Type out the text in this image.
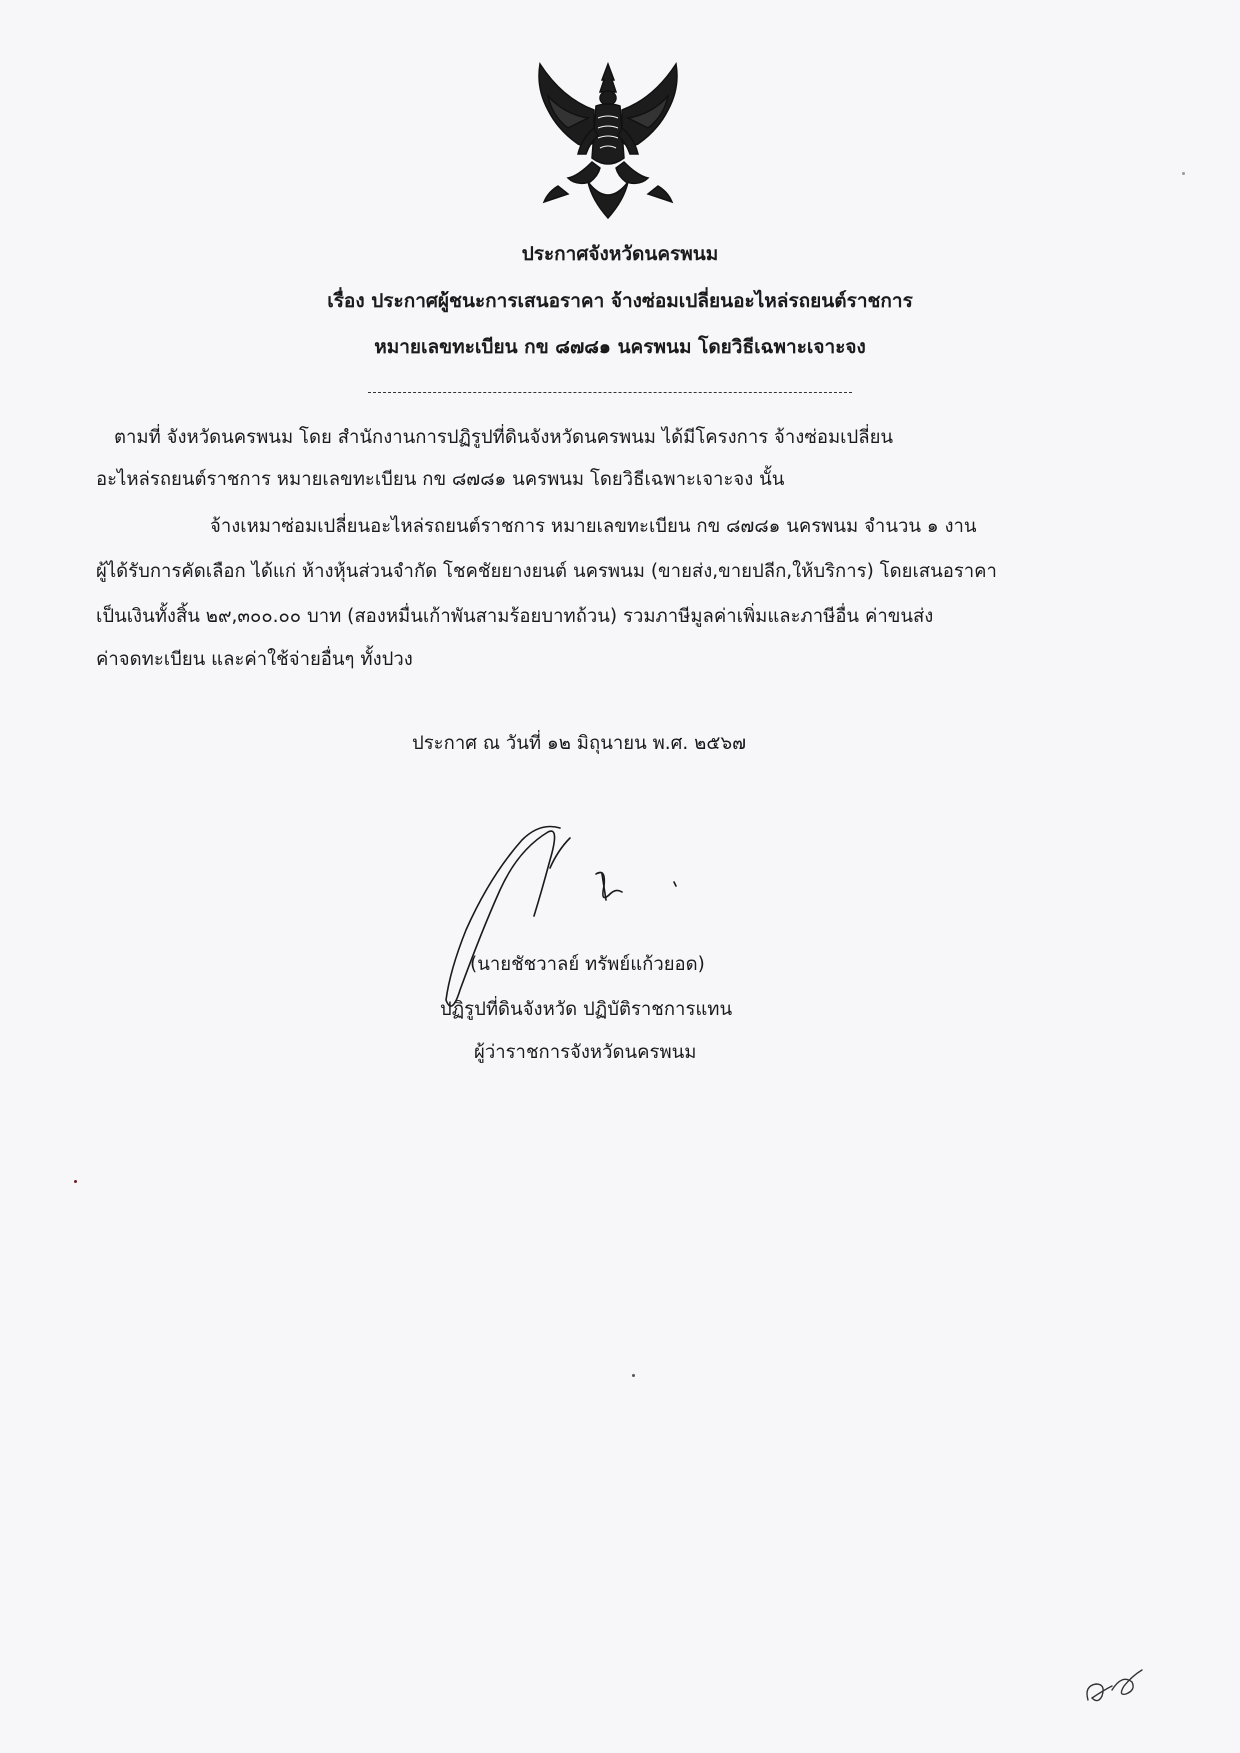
ประกาศจังหวัดนครพนม
เรื่อง ประกาศผู้ชนะการเสนอราคา จ้างซ่อมเปลี่ยนอะไหล่รถยนต์ราชการ
หมายเลขทะเบียน กข ๘๗๘๑ นครพนม โดยวิธีเฉพาะเจาะจง
ตามที่ จังหวัดนครพนม โดย สำนักงานการปฏิรูปที่ดินจังหวัดนครพนม ได้มีโครงการ จ้างซ่อมเปลี่ยน
อะไหล่รถยนต์ราชการ หมายเลขทะเบียน กข ๘๗๘๑ นครพนม โดยวิธีเฉพาะเจาะจง นั้น
จ้างเหมาซ่อมเปลี่ยนอะไหล่รถยนต์ราชการ หมายเลขทะเบียน กข ๘๗๘๑ นครพนม จำนวน ๑ งาน
ผู้ได้รับการคัดเลือก ได้แก่ ห้างหุ้นส่วนจำกัด โชคชัยยางยนต์ นครพนม (ขายส่ง,ขายปลีก,ให้บริการ) โดยเสนอราคา
เป็นเงินทั้งสิ้น ๒๙,๓๐๐.๐๐ บาท (สองหมื่นเก้าพันสามร้อยบาทถ้วน) รวมภาษีมูลค่าเพิ่มและภาษีอื่น ค่าขนส่ง
ค่าจดทะเบียน และค่าใช้จ่ายอื่นๆ ทั้งปวง
ประกาศ ณ วันที่ ๑๒ มิถุนายน พ.ศ. ๒๕๖๗
(นายชัชวาลย์ ทรัพย์แก้วยอด)
ปฏิรูปที่ดินจังหวัด ปฏิบัติราชการแทน
ผู้ว่าราชการจังหวัดนครพนม
